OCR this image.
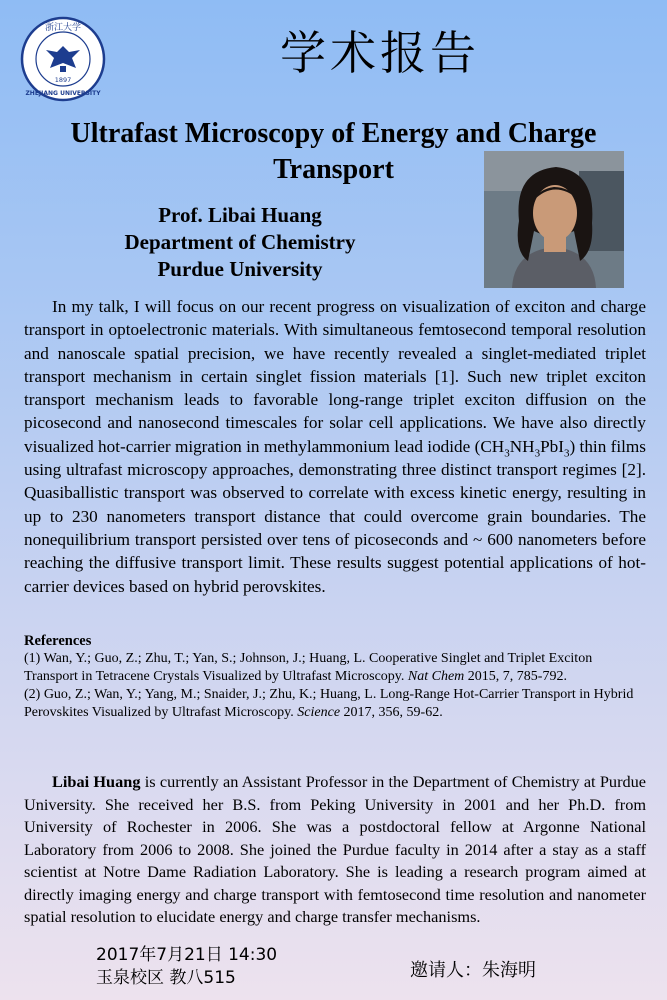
浙江大学
1897
ZHEJIANG UNIVERSITY
学术报告
Ultrafast Microscopy of Energy and Charge Transport
Prof. Libai Huang
Department of Chemistry
Purdue University

In my talk, I will focus on our recent progress on visualization of exciton and charge transport in optoelectronic materials. With simultaneous femtosecond temporal resolution and nanoscale spatial precision, we have recently revealed a singlet-mediated triplet transport mechanism in certain singlet fission materials [1]. Such new triplet exciton transport mechanism leads to favorable long-range triplet exciton diffusion on the picosecond and nanosecond timescales for solar cell applications. We have also directly visualized hot-carrier migration in methylammonium lead iodide $(CH_3NH_3PbI_3)$ thin films using ultrafast microscopy approaches, demonstrating three distinct transport regimes [2]. Quasiballistic transport was observed to correlate with excess kinetic energy, resulting in up to 230 nanometers transport distance that could overcome grain boundaries. The nonequilibrium transport persisted over tens of picoseconds and ~ 600 nanometers before reaching the diffusive transport limit. These results suggest potential applications of hot-carrier devices based on hybrid perovskites.

References

(1) Wan, Y.; Guo, Z.; Zhu, T.; Yan, S.; Johnson, J.; Huang, L. Cooperative Singlet and Triplet Exciton Transport in Tetracene Crystals Visualized by Ultrafast Microscopy. Nat Chem 2015, 7, 785-792.

(2) Guo, Z.; Wan, Y.; Yang, M.; Snaider, J.; Zhu, K.; Huang, L. Long-Range Hot-Carrier Transport in Hybrid Perovskites Visualized by Ultrafast Microscopy. Science 2017, 356, 59-62.

Libai Huang is currently an Assistant Professor in the Department of Chemistry at Purdue University. She received her B.S. from Peking University in 2001 and her Ph.D. from University of Rochester in 2006. She was a postdoctoral fellow at Argonne National Laboratory from 2006 to 2008. She joined the Purdue faculty in 2014 after a stay as a staff scientist at Notre Dame Radiation Laboratory. She is leading a research program aimed at directly imaging energy and charge transport with femtosecond time resolution and nanometer spatial resolution to elucidate energy and charge transfer mechanisms.

2017年7月21日 14:30
玉泉校区 教八515	邀请人：朱海明
